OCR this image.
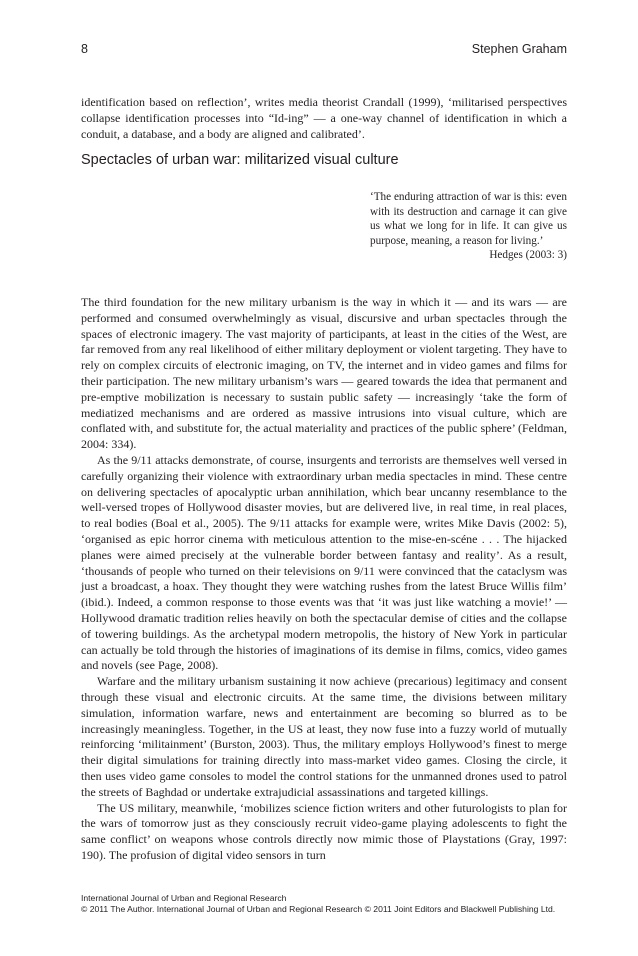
8	Stephen Graham

identification based on reflection’, writes media theorist Crandall (1999), ‘militarised perspectives collapse identification processes into “Id-ing” — a one-way channel of identification in which a conduit, a database, and a body are aligned and calibrated’.

Spectacles of urban war: militarized visual culture
‘The enduring attraction of war is this: even with its destruction and carnage it can give us what we long for in life. It can give us purpose, meaning, a reason for living.’
Hedges (2003: 3)

The third foundation for the new military urbanism is the way in which it — and its wars — are performed and consumed overwhelmingly as visual, discursive and urban spectacles through the spaces of electronic imagery. The vast majority of participants, at least in the cities of the West, are far removed from any real likelihood of either military deployment or violent targeting. They have to rely on complex circuits of electronic imaging, on TV, the internet and in video games and films for their participation. The new military urbanism’s wars — geared towards the idea that permanent and pre-emptive mobilization is necessary to sustain public safety — increasingly ‘take the form of mediatized mechanisms and are ordered as massive intrusions into visual culture, which are conflated with, and substitute for, the actual materiality and practices of the public sphere’ (Feldman, 2004: 334).

As the 9/11 attacks demonstrate, of course, insurgents and terrorists are themselves well versed in carefully organizing their violence with extraordinary urban media spectacles in mind. These centre on delivering spectacles of apocalyptic urban annihilation, which bear uncanny resemblance to the well-versed tropes of Hollywood disaster movies, but are delivered live, in real time, in real places, to real bodies (Boal et al., 2005). The 9/11 attacks for example were, writes Mike Davis (2002: 5), ‘organised as epic horror cinema with meticulous attention to the mise-en-scéne . . . The hijacked planes were aimed precisely at the vulnerable border between fantasy and reality’. As a result, ‘thousands of people who turned on their televisions on 9/11 were convinced that the cataclysm was just a broadcast, a hoax. They thought they were watching rushes from the latest Bruce Willis film’ (ibid.). Indeed, a common response to those events was that ‘it was just like watching a movie!’ — Hollywood dramatic tradition relies heavily on both the spectacular demise of cities and the collapse of towering buildings. As the archetypal modern metropolis, the history of New York in particular can actually be told through the histories of imaginations of its demise in films, comics, video games and novels (see Page, 2008).

Warfare and the military urbanism sustaining it now achieve (precarious) legitimacy and consent through these visual and electronic circuits. At the same time, the divisions between military simulation, information warfare, news and entertainment are becoming so blurred as to be increasingly meaningless. Together, in the US at least, they now fuse into a fuzzy world of mutually reinforcing ‘militainment’ (Burston, 2003). Thus, the military employs Hollywood’s finest to merge their digital simulations for training directly into mass-market video games. Closing the circle, it then uses video game consoles to model the control stations for the unmanned drones used to patrol the streets of Baghdad or undertake extrajudicial assassinations and targeted killings.

The US military, meanwhile, ‘mobilizes science fiction writers and other futurologists to plan for the wars of tomorrow just as they consciously recruit video-game playing adolescents to fight the same conflict’ on weapons whose controls directly now mimic those of Playstations (Gray, 1997: 190). The profusion of digital video sensors in turn

International Journal of Urban and Regional Research
© 2011 The Author. International Journal of Urban and Regional Research © 2011 Joint Editors and Blackwell Publishing Ltd.
